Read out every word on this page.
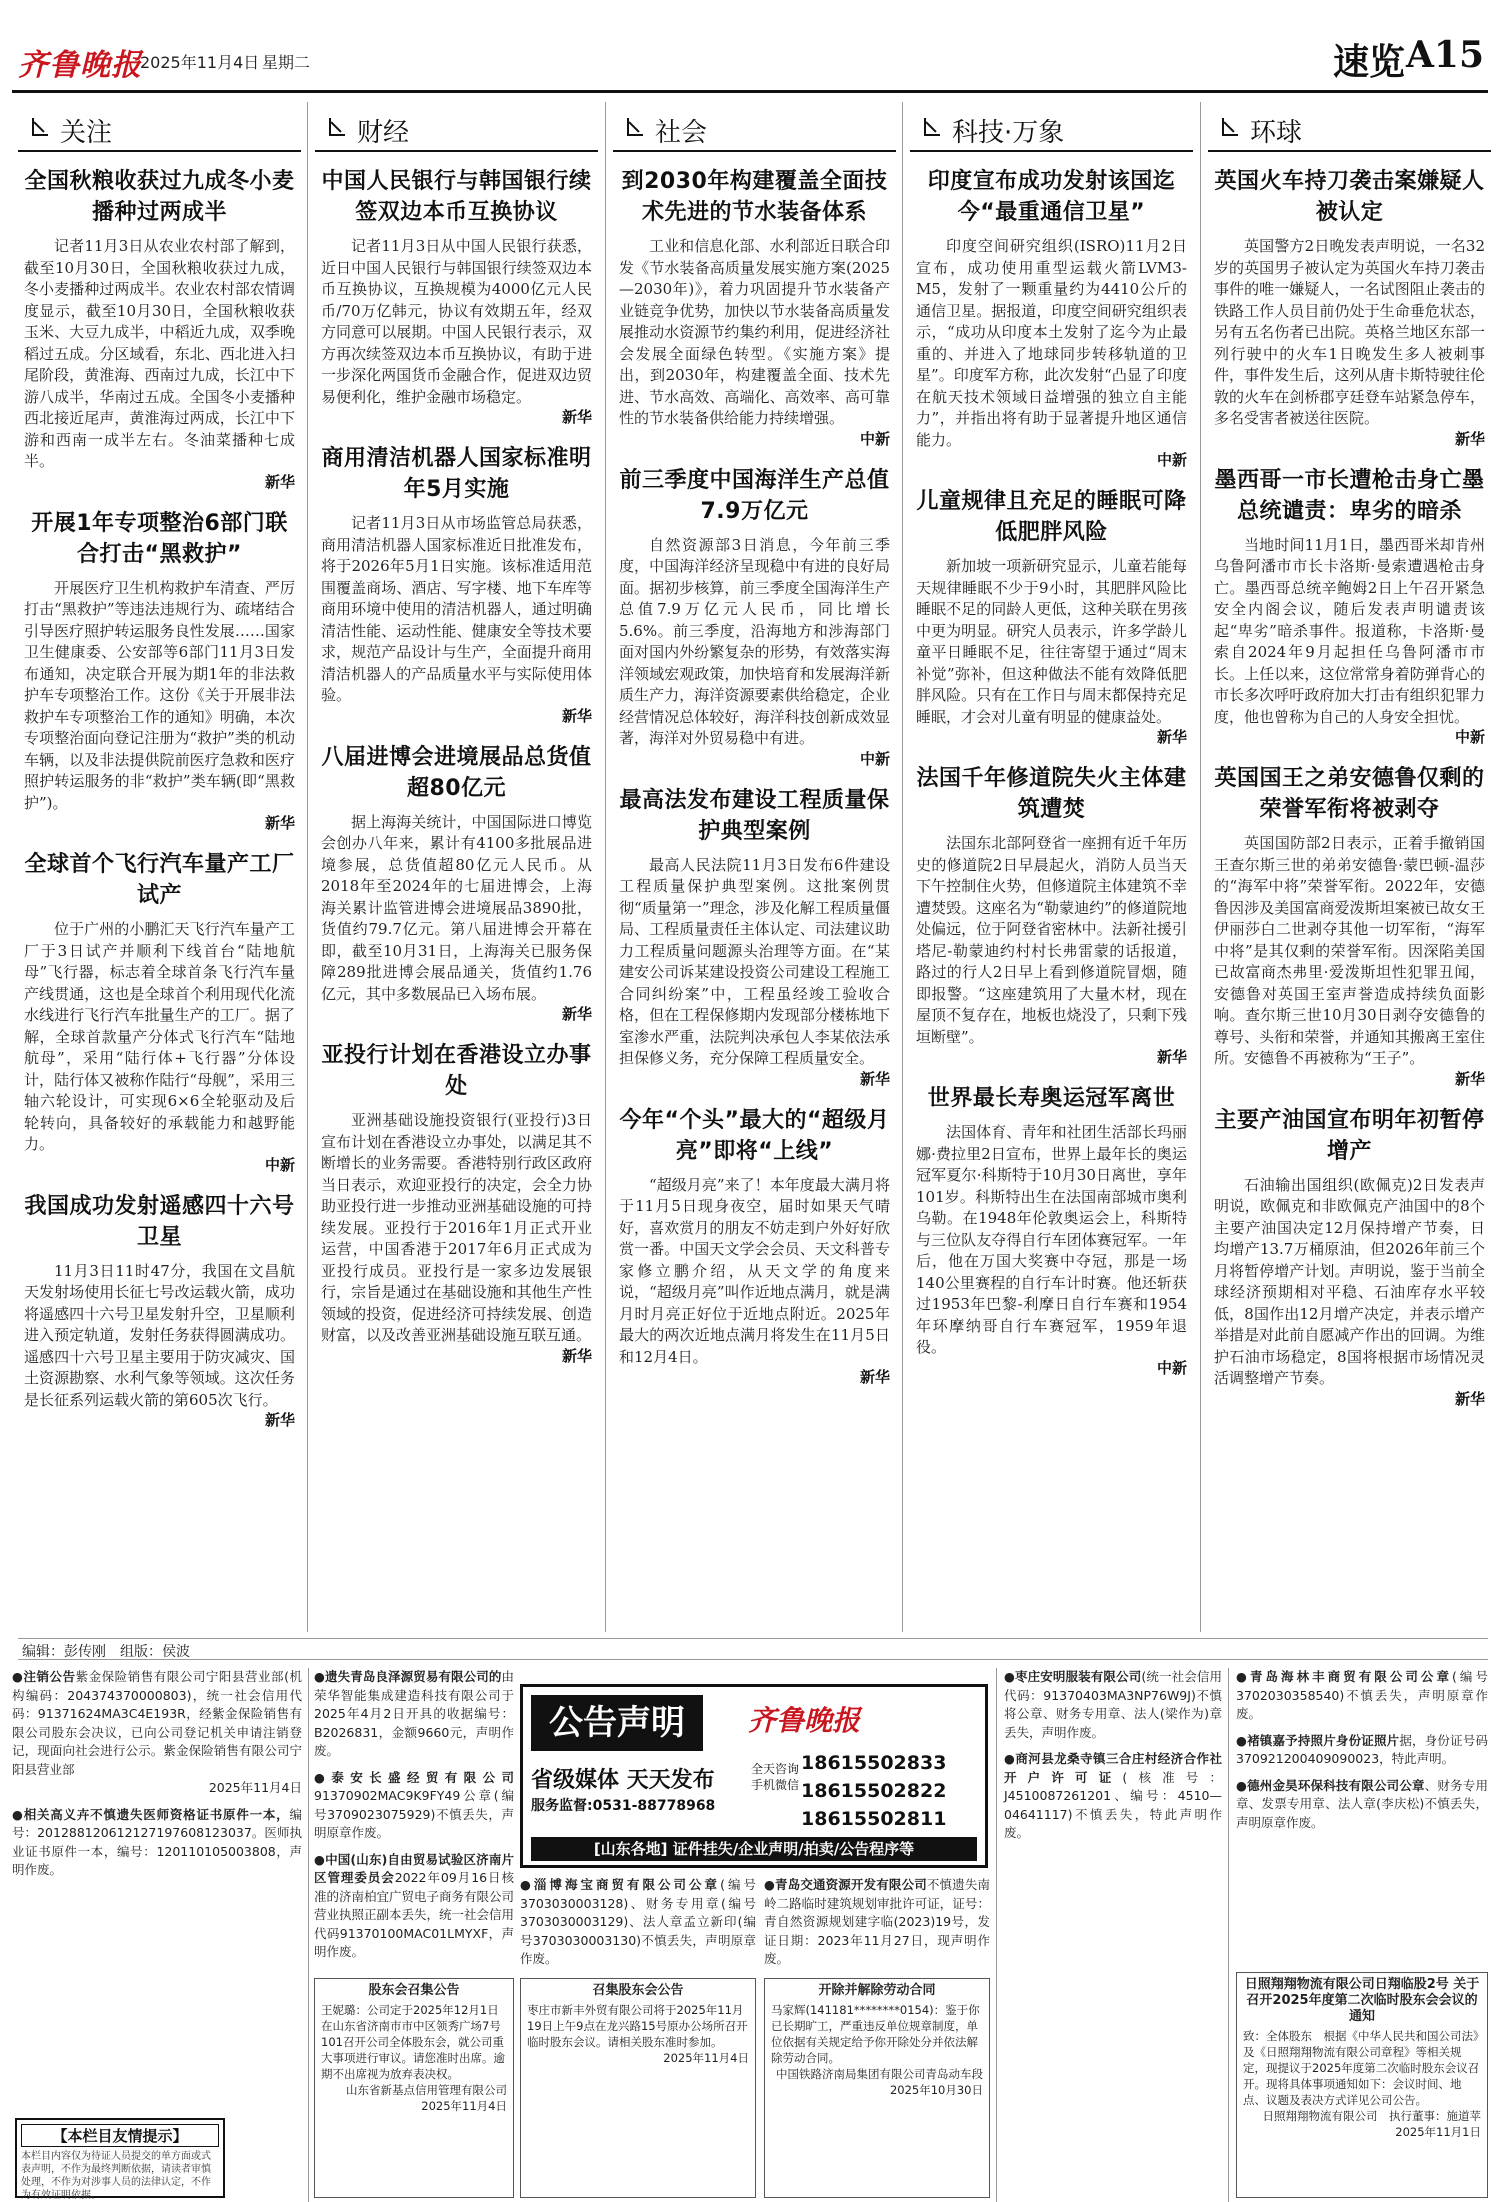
齐鲁晚报
2025年11月4日 星期二	速览 A15
关注
全国秋粮收获过九成冬小麦播种过两成半
记者11月3日从农业农村部了解到，截至10月30日，全国秋粮收获过九成，冬小麦播种过两成半。农业农村部农情调度显示，截至10月30日，全国秋粮收获玉米、大豆九成半，中稻近九成，双季晚稻过五成。分区域看，东北、西北进入扫尾阶段，黄淮海、西南过九成，长江中下游八成半，华南过五成。全国冬小麦播种西北接近尾声，黄淮海过两成，长江中下游和西南一成半左右。冬油菜播种七成半。
新华
开展1年专项整治6部门联合打击“黑救护”
开展医疗卫生机构救护车清查、严厉打击“黑救护”等违法违规行为、疏堵结合引导医疗照护转运服务良性发展……国家卫生健康委、公安部等6部门11月3日发布通知，决定联合开展为期1年的非法救护车专项整治工作。这份《关于开展非法救护车专项整治工作的通知》明确，本次专项整治面向登记注册为“救护”类的机动车辆，以及非法提供院前医疗急救和医疗照护转运服务的非“救护”类车辆(即“黑救护”)。
新华
全球首个飞行汽车量产工厂试产
位于广州的小鹏汇天飞行汽车量产工厂于3日试产并顺利下线首台“陆地航母”飞行器，标志着全球首条飞行汽车量产线贯通，这也是全球首个利用现代化流水线进行飞行汽车批量生产的工厂。据了解，全球首款量产分体式飞行汽车“陆地航母”，采用“陆行体+飞行器”分体设计，陆行体又被称作陆行“母舰”，采用三轴六轮设计，可实现6×6全轮驱动及后轮转向，具备较好的承载能力和越野能力。
中新
我国成功发射遥感四十六号卫星
11月3日11时47分，我国在文昌航天发射场使用长征七号改运载火箭，成功将遥感四十六号卫星发射升空，卫星顺利进入预定轨道，发射任务获得圆满成功。遥感四十六号卫星主要用于防灾减灾、国土资源勘察、水利气象等领域。这次任务是长征系列运载火箭的第605次飞行。
新华
财经
中国人民银行与韩国银行续签双边本币互换协议
记者11月3日从中国人民银行获悉，近日中国人民银行与韩国银行续签双边本币互换协议，互换规模为4000亿元人民币/70万亿韩元，协议有效期五年，经双方同意可以展期。中国人民银行表示，双方再次续签双边本币互换协议，有助于进一步深化两国货币金融合作，促进双边贸易便利化，维护金融市场稳定。
新华
商用清洁机器人国家标准明年5月实施
记者11月3日从市场监管总局获悉，商用清洁机器人国家标准近日批准发布，将于2026年5月1日实施。该标准适用范围覆盖商场、酒店、写字楼、地下车库等商用环境中使用的清洁机器人，通过明确清洁性能、运动性能、健康安全等技术要求，规范产品设计与生产，全面提升商用清洁机器人的产品质量水平与实际使用体验。
新华
八届进博会进境展品总货值超80亿元
据上海海关统计，中国国际进口博览会创办八年来，累计有4100多批展品进境参展，总货值超80亿元人民币。从2018年至2024年的七届进博会，上海海关累计监管进博会进境展品3890批，货值约79.7亿元。第八届进博会开幕在即，截至10月31日，上海海关已服务保障289批进博会展品通关，货值约1.76亿元，其中多数展品已入场布展。
新华
亚投行计划在香港设立办事处
亚洲基础设施投资银行(亚投行)3日宣布计划在香港设立办事处，以满足其不断增长的业务需要。香港特别行政区政府当日表示，欢迎亚投行的决定，会全力协助亚投行进一步推动亚洲基础设施的可持续发展。亚投行于2016年1月正式开业运营，中国香港于2017年6月正式成为亚投行成员。亚投行是一家多边发展银行，宗旨是通过在基础设施和其他生产性领域的投资，促进经济可持续发展、创造财富，以及改善亚洲基础设施互联互通。
新华
社会
到2030年构建覆盖全面技术先进的节水装备体系
工业和信息化部、水利部近日联合印发《节水装备高质量发展实施方案(2025—2030年)》，着力巩固提升节水装备产业链竞争优势，加快以节水装备高质量发展推动水资源节约集约利用，促进经济社会发展全面绿色转型。《实施方案》提出，到2030年，构建覆盖全面、技术先进、节水高效、高端化、高效率、高可靠性的节水装备供给能力持续增强。
中新
前三季度中国海洋生产总值7.9万亿元
自然资源部3日消息，今年前三季度，中国海洋经济呈现稳中有进的良好局面。据初步核算，前三季度全国海洋生产总值7.9万亿元人民币，同比增长5.6%。前三季度，沿海地方和涉海部门面对国内外纷繁复杂的形势，有效落实海洋领域宏观政策，加快培育和发展海洋新质生产力，海洋资源要素供给稳定，企业经营情况总体较好，海洋科技创新成效显著，海洋对外贸易稳中有进。
中新
最高法发布建设工程质量保护典型案例
最高人民法院11月3日发布6件建设工程质量保护典型案例。这批案例贯彻“质量第一”理念，涉及化解工程质量僵局、工程质量责任主体认定、司法建议助力工程质量问题源头治理等方面。在“某建安公司诉某建设投资公司建设工程施工合同纠纷案”中，工程虽经竣工验收合格，但在工程保修期内发现部分楼栋地下室渗水严重，法院判决承包人李某依法承担保修义务，充分保障工程质量安全。
新华
今年“个头”最大的“超级月亮”即将“上线”
“超级月亮”来了！本年度最大满月将于11月5日现身夜空，届时如果天气晴好，喜欢赏月的朋友不妨走到户外好好欣赏一番。中国天文学会会员、天文科普专家修立鹏介绍，从天文学的角度来说，“超级月亮”叫作近地点满月，就是满月时月亮正好位于近地点附近。2025年最大的两次近地点满月将发生在11月5日和12月4日。
新华
科技·万象
印度宣布成功发射该国迄今“最重通信卫星”
印度空间研究组织(ISRO)11月2日宣布，成功使用重型运载火箭LVM3-M5，发射了一颗重量约为4410公斤的通信卫星。据报道，印度空间研究组织表示，“成功从印度本土发射了迄今为止最重的、并进入了地球同步转移轨道的卫星”。印度军方称，此次发射“凸显了印度在航天技术领域日益增强的独立自主能力”，并指出将有助于显著提升地区通信能力。
中新
儿童规律且充足的睡眠可降低肥胖风险
新加坡一项新研究显示，儿童若能每天规律睡眠不少于9小时，其肥胖风险比睡眠不足的同龄人更低，这种关联在男孩中更为明显。研究人员表示，许多学龄儿童平日睡眠不足，往往寄望于通过“周末补觉”弥补，但这种做法不能有效降低肥胖风险。只有在工作日与周末都保持充足睡眠，才会对儿童有明显的健康益处。
新华
法国千年修道院失火主体建筑遭焚
法国东北部阿登省一座拥有近千年历史的修道院2日早晨起火，消防人员当天下午控制住火势，但修道院主体建筑不幸遭焚毁。这座名为“勒蒙迪约”的修道院地处偏远，位于阿登省密林中。法新社援引塔尼-勒蒙迪约村村长弗雷蒙的话报道，路过的行人2日早上看到修道院冒烟，随即报警。“这座建筑用了大量木材，现在屋顶不复存在，地板也烧没了，只剩下残垣断壁”。
新华
世界最长寿奥运冠军离世
法国体育、青年和社团生活部长玛丽娜·费拉里2日宣布，世界上最年长的奥运冠军夏尔·科斯特于10月30日离世，享年101岁。科斯特出生在法国南部城市奥利乌勒。在1948年伦敦奥运会上，科斯特与三位队友夺得自行车团体赛冠军。一年后，他在万国大奖赛中夺冠，那是一场140公里赛程的自行车计时赛。他还斩获过1953年巴黎-利摩日自行车赛和1954年环摩纳哥自行车赛冠军，1959年退役。
中新
环球
英国火车持刀袭击案嫌疑人被认定
英国警方2日晚发表声明说，一名32岁的英国男子被认定为英国火车持刀袭击事件的唯一嫌疑人，一名试图阻止袭击的铁路工作人员目前仍处于生命垂危状态，另有五名伤者已出院。英格兰地区东部一列行驶中的火车1日晚发生多人被刺事件，事件发生后，这列从唐卡斯特驶往伦敦的火车在剑桥郡亨廷登车站紧急停车，多名受害者被送往医院。
新华
墨西哥一市长遭枪击身亡墨总统谴责：卑劣的暗杀
当地时间11月1日，墨西哥米却肯州乌鲁阿潘市市长卡洛斯·曼索遭遇枪击身亡。墨西哥总统辛鲍姆2日上午召开紧急安全内阁会议，随后发表声明谴责该起“卑劣”暗杀事件。报道称，卡洛斯·曼索自2024年9月起担任乌鲁阿潘市市长。上任以来，这位常常身着防弹背心的市长多次呼吁政府加大打击有组织犯罪力度，他也曾称为自己的人身安全担忧。
中新
英国国王之弟安德鲁仅剩的荣誉军衔将被剥夺
英国国防部2日表示，正着手撤销国王查尔斯三世的弟弟安德鲁·蒙巴顿-温莎的“海军中将”荣誉军衔。2022年，安德鲁因涉及美国富商爱泼斯坦案被已故女王伊丽莎白二世剥夺其他一切军衔，“海军中将”是其仅剩的荣誉军衔。因深陷美国已故富商杰弗里·爱泼斯坦性犯罪丑闻，安德鲁对英国王室声誉造成持续负面影响。查尔斯三世10月30日剥夺安德鲁的尊号、头衔和荣誉，并通知其搬离王室住所。安德鲁不再被称为“王子”。
新华
主要产油国宣布明年初暂停增产
石油输出国组织(欧佩克)2日发表声明说，欧佩克和非欧佩克产油国中的8个主要产油国决定12月保持增产节奏，日均增产13.7万桶原油，但2026年前三个月将暂停增产计划。声明说，鉴于当前全球经济预期相对平稳、石油库存水平较低，8国作出12月增产决定，并表示增产举措是对此前自愿减产作出的回调。为维护石油市场稳定，8国将根据市场情况灵活调整增产节奏。
新华
编辑：彭传刚　组版：侯波
●注销公告紫金保险销售有限公司宁阳县营业部(机构编码：204374370000803)，统一社会信用代码：91371624MA3C4E193R，经紫金保险销售有限公司股东会决议，已向公司登记机关申请注销登记，现面向社会进行公示。紫金保险销售有限公司宁阳县营业部
2025年11月4日
●相关高义卉不慎遗失医师资格证书原件一本，编号：201288120612127197608123037。医师执业证书原件一本，编号：120110105003808，声明作废。
●遗失青岛良泽源贸易有限公司的由荣华智能集成建造科技有限公司于2025年4月2日开具的收据编号：B2026831，金额9660元，声明作废。
●泰安长盛经贸有限公司91370902MAC9K9FY49公章(编号3709023075929)不慎丢失，声明原章作废。
●中国(山东)自由贸易试验区济南片区管理委员会2022年09月16日核准的济南柏宜广贸电子商务有限公司营业执照正副本丢失，统一社会信用代码91370100MAC01LMYXF，声明作废。
●枣庄安明服装有限公司(统一社会信用代码：91370403MA3NP76W9J)不慎将公章、财务专用章、法人(梁作为)章丢失，声明作废。
●商河县龙桑寺镇三合庄村经济合作社开户许可证(核准号：J4510087261201、编号：4510—04641117)不慎丢失，特此声明作废。
●青岛海林丰商贸有限公司公章(编号3702030358540)不慎丢失，声明原章作废。
●褚镇嘉予持照片身份证照片据，身份证号码370921200409090023，特此声明。
●德州金昊环保科技有限公司公章、财务专用章、发票专用章、法人章(李庆松)不慎丢失，声明原章作废。
【本栏目友情提示】
本栏目内容仅为待证人员提交的单方面或式表声明，不作为最终判断依据，请读者审慎处理，不作为对涉事人员的法律认定，不作为有效证明依据。
公告声明	齐鲁晚报
省级媒体 天天发布
服务监督:0531-88778968
全天咨询
手机微信
18615502833
18615502822
18615502811
[山东各地] 证件挂失/企业声明/拍卖/公告程序等
●淄博海宝商贸有限公司公章(编号3703030003128)、财务专用章(编号3703030003129)、法人章孟立新印(编号3703030003130)不慎丢失，声明原章作废。
●青岛交通资源开发有限公司不慎遗失南岭二路临时建筑规划审批许可证，证号：青自然资源规划建字临(2023)19号，发证日期：2023年11月27日，现声明作废。
股东会召集公告
王妮璐：公司定于2025年12月1日在山东省济南市市中区领秀广场7号101召开公司全体股东会，就公司重大事项进行审议。请您准时出席。逾期不出席视为放弃表决权。
山东省新基点信用管理有限公司
2025年11月4日
召集股东会公告
枣庄市新丰外贸有限公司将于2025年11月19日上午9点在龙兴路15号原办公场所召开临时股东会议。请相关股东准时参加。
2025年11月4日
开除并解除劳动合同
马家辉(141181********0154)：鉴于你已长期旷工，严重违反单位规章制度，单位依据有关规定给予你开除处分并依法解除劳动合同。
中国铁路济南局集团有限公司青岛动车段
2025年10月30日
日照翔翔物流有限公司日翔临股2号 关于召开2025年度第二次临时股东会会议的通知
致：全体股东　根据《中华人民共和国公司法》及《日照翔翔物流有限公司章程》等相关规定，现提议于2025年度第二次临时股东会议召开。现将具体事项通知如下：会议时间、地点、议题及表决方式详见公司公告。
日照翔翔物流有限公司　执行董事：施道苹
2025年11月1日
